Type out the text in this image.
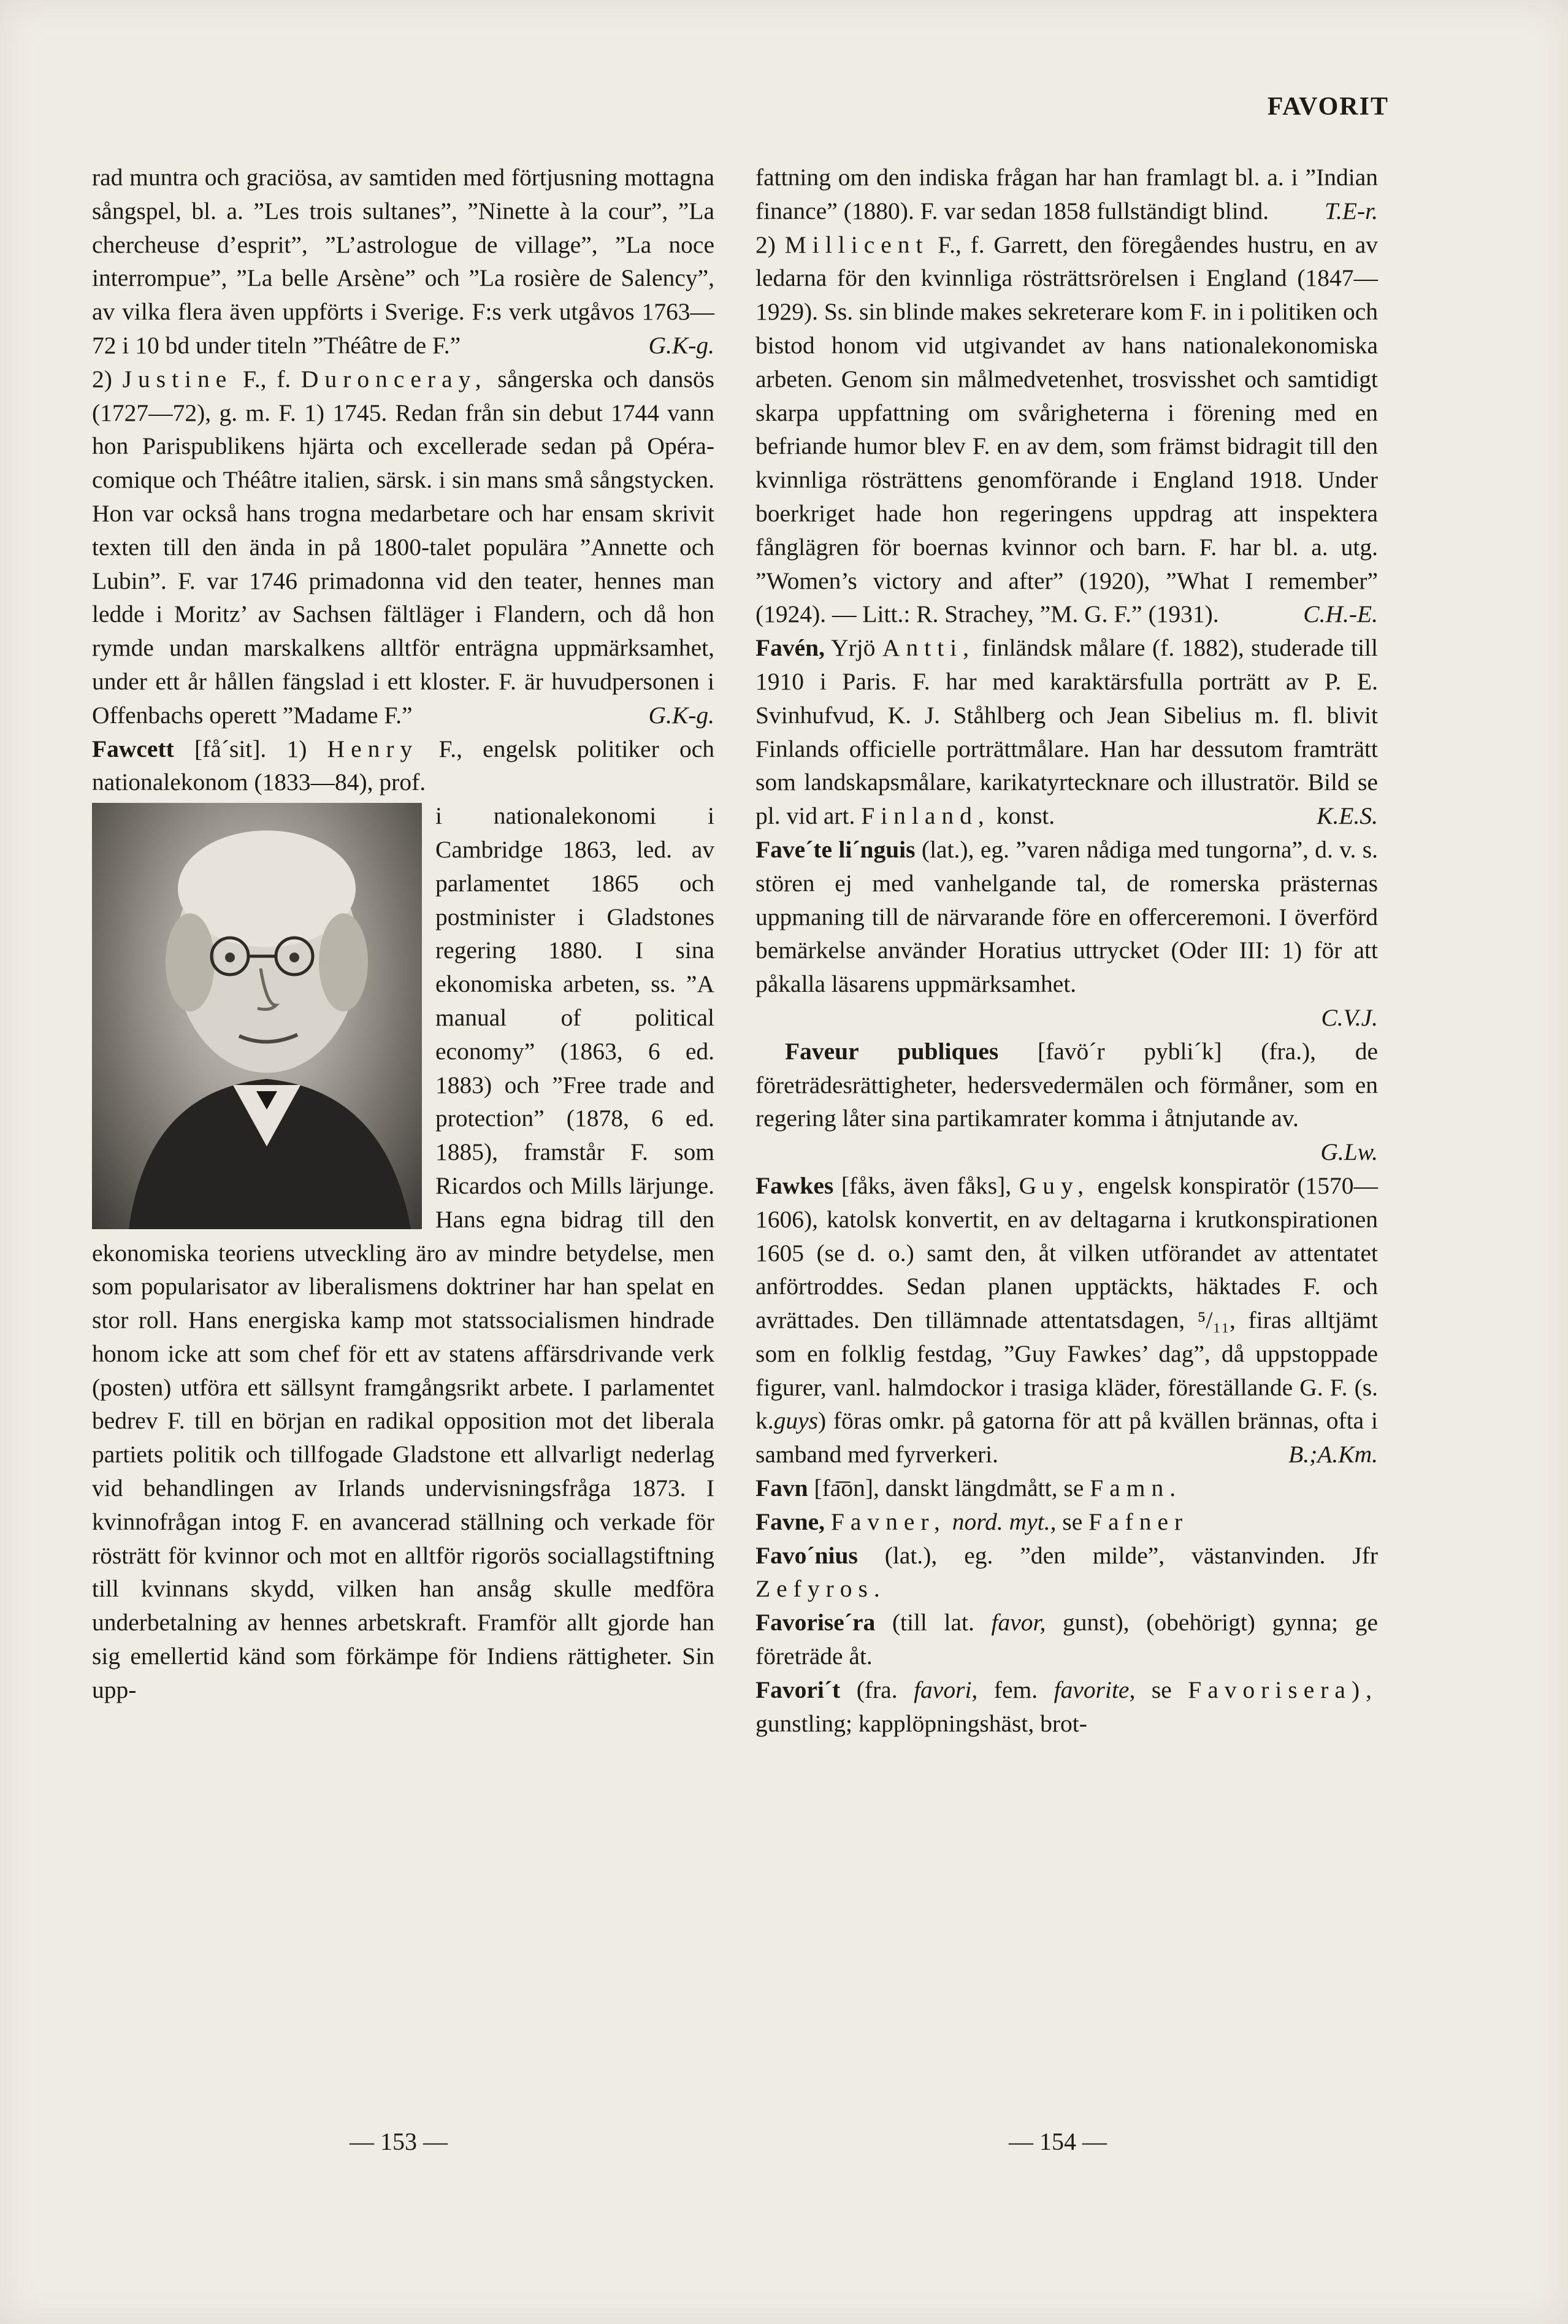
FAVORIT

rad muntra och graciösa, av samtiden med förtjusning mottagna sångspel, bl. a. ”Les trois sultanes”, ”Ninette à la cour”, ”La chercheuse d’esprit”, ”L’astrologue de village”, ”La noce interrompue”, ”La belle Arsène” och ”La rosière de Salency”, av vilka flera även uppförts i Sverige. F:s verk utgåvos 1763—72 i 10 bd under titeln ”Théâtre de F.”	G.K-g.

2) Justine F., f. Duronceray, sångerska och dansös (1727—72), g. m. F. 1) 1745. Redan från sin debut 1744 vann hon Parispublikens hjärta och excellerade sedan på Opéra-comique och Théâtre italien, särsk. i sin mans små sångstycken. Hon var också hans trogna medarbetare och har ensam skrivit texten till den ända in på 1800-talet populära ”Annette och Lubin”. F. var 1746 primadonna vid den teater, hennes man ledde i Moritz’ av Sachsen fältläger i Flandern, och då hon rymde undan marskalkens alltför enträgna uppmärksamhet, under ett år hållen fängslad i ett kloster. F. är huvudpersonen i Offenbachs operett ”Madame F.”	G.K-g.

Fawcett [få´sit]. 1) Henry F., engelsk politiker och nationalekonom (1833—84), prof.

i nationalekonomi i Cambridge 1863, led. av parlamentet 1865 och postminister i Gladstones regering 1880. I sina ekonomiska arbeten, ss. ”A manual of political economy” (1863, 6 ed. 1883) och ”Free trade and protection” (1878, 6 ed. 1885), framstår F. som Ricardos och Mills lärjunge. Hans egna bidrag till den ekonomiska teoriens utveckling äro av mindre betydelse, men som popularisator av liberalismens doktriner har han spelat en stor roll. Hans energiska kamp mot statssocialismen hindrade honom icke att som chef för ett av statens affärsdrivande verk (posten) utföra ett sällsynt framgångsrikt arbete. I parlamentet bedrev F. till en början en radikal opposition mot det liberala partiets politik och tillfogade Gladstone ett allvarligt nederlag vid behandlingen av Irlands undervisningsfråga 1873. I kvinnofrågan intog F. en avancerad ställning och verkade för rösträtt för kvinnor och mot en alltför rigorös sociallagstiftning till kvinnans skydd, vilken han ansåg skulle medföra underbetalning av hennes arbetskraft. Framför allt gjorde han sig emellertid känd som förkämpe för Indiens rättigheter. Sin upp-

fattning om den indiska frågan har han framlagt bl. a. i ”Indian finance” (1880). F. var sedan 1858 fullständigt blind. T.E-r.

2) Millicent F., f. Garrett, den föregåendes hustru, en av ledarna för den kvinnliga rösträttsrörelsen i England (1847—1929). Ss. sin blinde makes sekreterare kom F. in i politiken och bistod honom vid utgivandet av hans nationalekonomiska arbeten. Genom sin målmedvetenhet, trosvisshet och samtidigt skarpa uppfattning om svårigheterna i förening med en befriande humor blev F. en av dem, som främst bidragit till den kvinnliga rösträttens genomförande i England 1918. Under boerkriget hade hon regeringens uppdrag att inspektera fånglägren för boernas kvinnor och barn. F. har bl. a. utg. ”Women’s victory and after” (1920), ”What I remember” (1924). — Litt.: R. Strachey, ”M. G. F.” (1931).	C.H.-E.

Favén, Yrjö Antti, finländsk målare (f. 1882), studerade till 1910 i Paris. F. har med karaktärsfulla porträtt av P. E. Svinhufvud, K. J. Ståhlberg och Jean Sibelius m. fl. blivit Finlands officielle porträttmålare. Han har dessutom framträtt som landskapsmålare, karikatyrtecknare och illustratör. Bild se pl. vid art. Finland, konst.	K.E.S.

Fave´te li´nguis (lat.), eg. ”varen nådiga med tungorna”, d. v. s. stören ej med vanhelgande tal, de romerska prästernas uppmaning till de närvarande före en offerceremoni. I överförd bemärkelse använder Horatius uttrycket (Oder III: 1) för att påkalla läsarens uppmärksamhet.

C.V.J.

Faveur publiques [favö´r pybli´k] (fra.), de företrädesrättigheter, hedersvedermälen och förmåner, som en regering låter sina partikamrater komma i åtnjutande av.
G.Lw.

Fawkes [fåks, även fåks], Guy, engelsk konspiratör (1570—1606), katolsk konvertit, en av deltagarna i krutkonspirationen 1605 (se d. o.) samt den, åt vilken utförandet av attentatet anförtroddes. Sedan planen upptäckts, häktades F. och avrättades. Den tillämnade attentatsdagen, ⁵/₁₁, firas alltjämt som en folklig festdag, ”Guy Fawkes’ dag”, då uppstoppade figurer, vanl. halmdockor i trasiga kläder, föreställande G. F. (s. k.guys) föras omkr. på gatorna för att på kvällen brännas, ofta i samband med fyrverkeri.	B.;A.Km.

Favn [fa͞on], danskt längdmått, se Famn.

Favne, Favner, nord. myt., se Fafner

Favo´nius (lat.), eg. ”den milde”, västanvinden. Jfr Zefyros.

Favorise´ra (till lat. favor, gunst), (obehörigt) gynna; ge företräde åt.

Favori´t (fra. favori, fem. favorite, se Favorisera), gunstling; kapplöpningshäst, brot-

— 153 —	— 154 —
